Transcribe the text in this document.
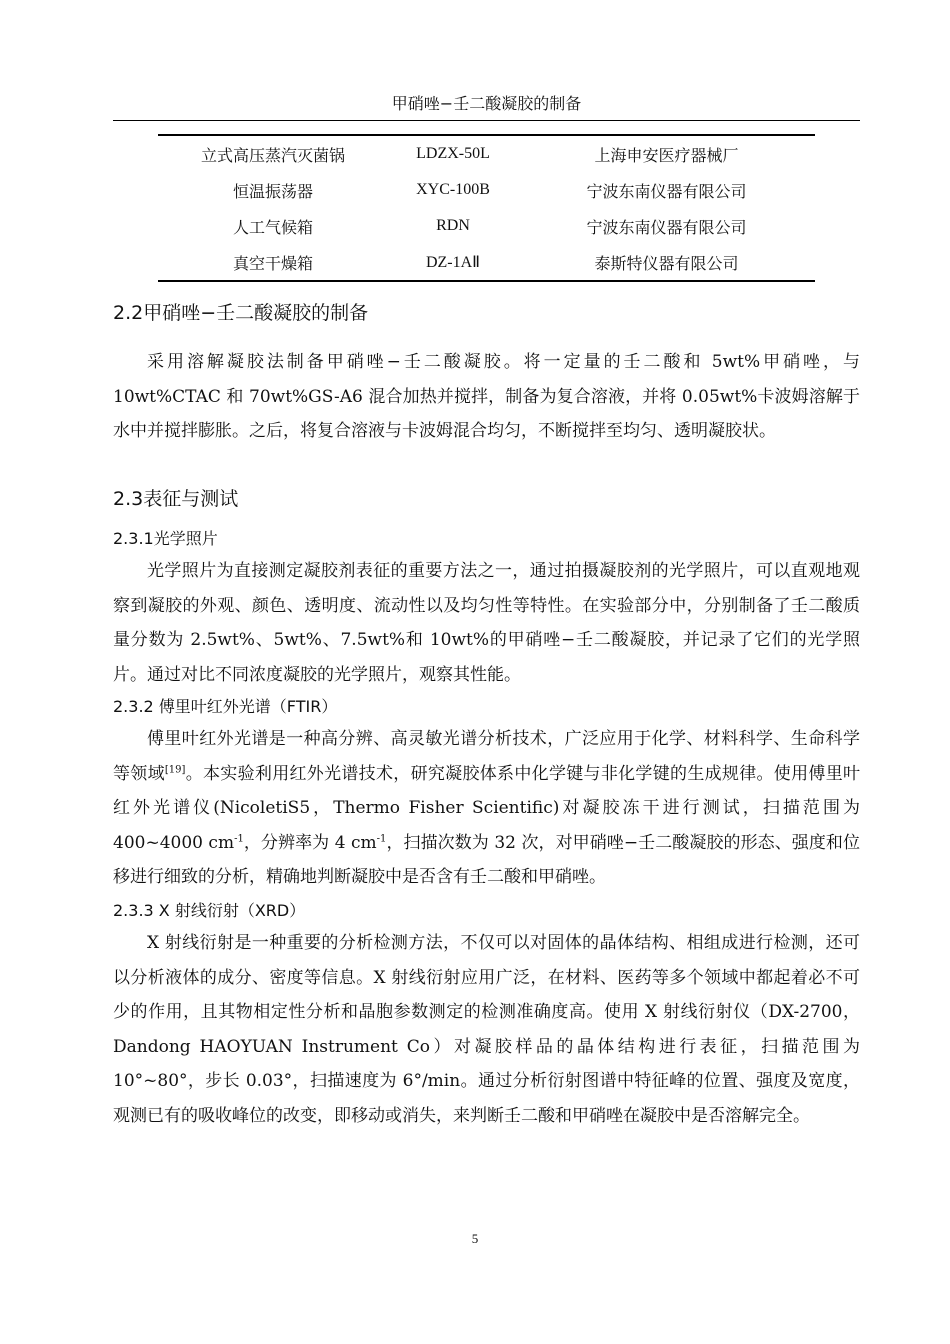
甲硝唑−壬二酸凝胶的制备
立式高压蒸汽灭菌锅	LDZX-50L	上海申安医疗器械厂
恒温振荡器	XYC-100B	宁波东南仪器有限公司
人工气候箱	RDN	宁波东南仪器有限公司
真空干燥箱	DZ-1AⅡ	泰斯特仪器有限公司
2.2甲硝唑−壬二酸凝胶的制备

采用溶解凝胶法制备甲硝唑−壬二酸凝胶。将一定量的壬二酸和 5wt%甲硝唑，与 10wt%CTAC 和 70wt%GS-A6 混合加热并搅拌，制备为复合溶液，并将 0.05wt%卡波姆溶解于水中并搅拌膨胀。之后，将复合溶液与卡波姆混合均匀，不断搅拌至均匀、透明凝胶状。

2.3表征与测试
2.3.1光学照片

光学照片为直接测定凝胶剂表征的重要方法之一，通过拍摄凝胶剂的光学照片，可以直观地观察到凝胶的外观、颜色、透明度、流动性以及均匀性等特性。在实验部分中，分别制备了壬二酸质量分数为 2.5wt%、5wt%、7.5wt%和 10wt%的甲硝唑−壬二酸凝胶，并记录了它们的光学照片。通过对比不同浓度凝胶的光学照片，观察其性能。

2.3.2 傅里叶红外光谱（FTIR）

傅里叶红外光谱是一种高分辨、高灵敏光谱分析技术，广泛应用于化学、材料科学、生命科学等领域[19]。本实验利用红外光谱技术，研究凝胶体系中化学键与非化学键的生成规律。使用傅里叶红外光谱仪(NicoletiS5，Thermo Fisher Scientific)对凝胶冻干进行测试，扫描范围为 400~4000 $cm^{-1}$，分辨率为 4 $cm^{-1}$，扫描次数为 32 次，对甲硝唑−壬二酸凝胶的形态、强度和位移进行细致的分析，精确地判断凝胶中是否含有壬二酸和甲硝唑。

2.3.3 X 射线衍射（XRD）

X 射线衍射是一种重要的分析检测方法，不仅可以对固体的晶体结构、相组成进行检测，还可以分析液体的成分、密度等信息。X 射线衍射应用广泛，在材料、医药等多个领域中都起着必不可少的作用，且其物相定性分析和晶胞参数测定的检测准确度高。使用 X 射线衍射仪（DX-2700，Dandong HAOYUAN Instrument Co）对凝胶样品的晶体结构进行表征，扫描范围为 10°~80°，步长 0.03°，扫描速度为 6°/min。通过分析衍射图谱中特征峰的位置、强度及宽度，观测已有的吸收峰位的改变，即移动或消失，来判断壬二酸和甲硝唑在凝胶中是否溶解完全。

5
